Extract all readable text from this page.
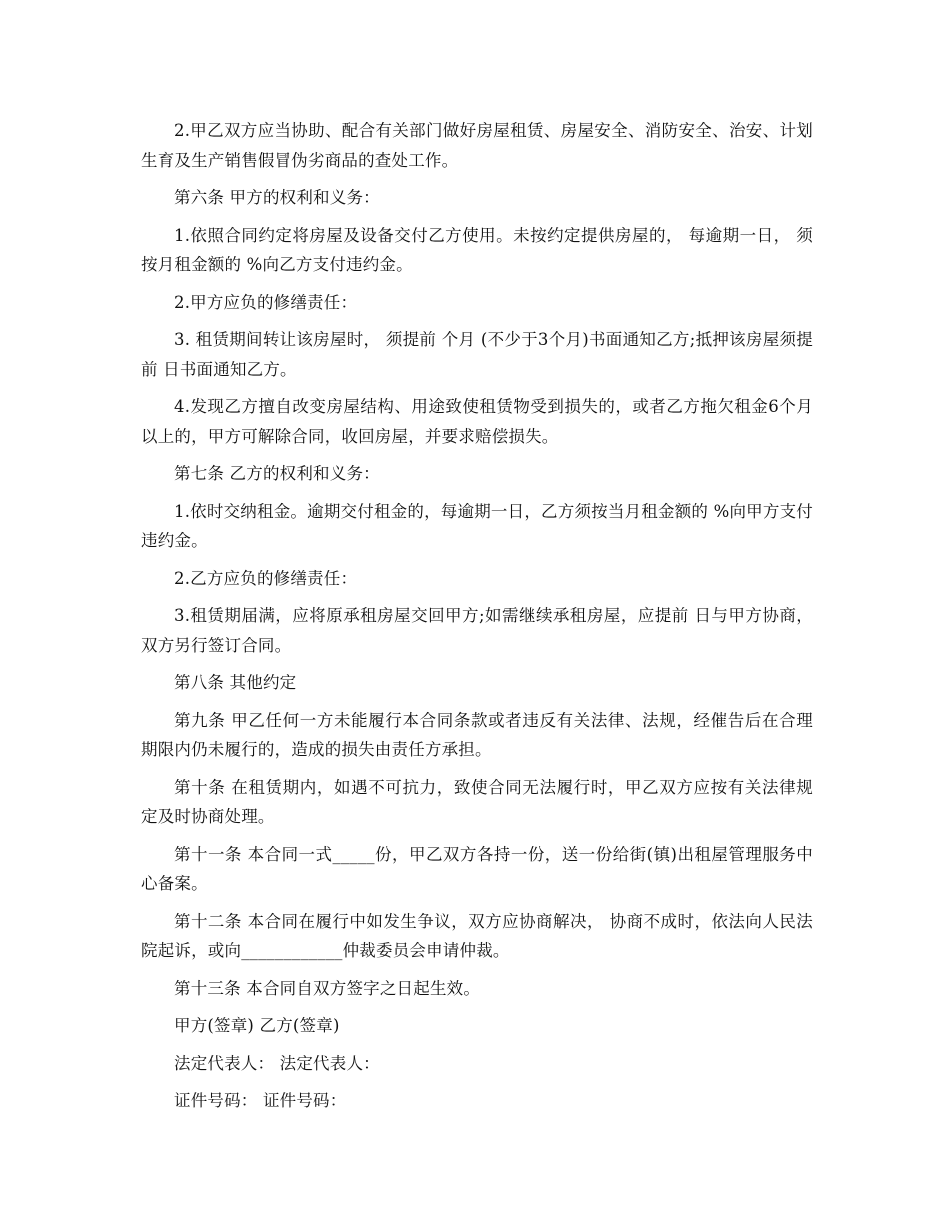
2.甲乙双方应当协助、配合有关部门做好房屋租赁、房屋安全、消防安全、治安、计划生育及生产销售假冒伪劣商品的查处工作。

第六条 甲方的权利和义务：

1.依照合同约定将房屋及设备交付乙方使用。未按约定提供房屋的， 每逾期一日， 须按月租金额的 %向乙方支付违约金。

2.甲方应负的修缮责任：

3. 租赁期间转让该房屋时， 须提前 个月 (不少于3个月)书面通知乙方;抵押该房屋须提前 日书面通知乙方。

4.发现乙方擅自改变房屋结构、用途致使租赁物受到损失的，或者乙方拖欠租金6个月以上的，甲方可解除合同，收回房屋，并要求赔偿损失。

第七条 乙方的权利和义务：

1.依时交纳租金。逾期交付租金的，每逾期一日，乙方须按当月租金额的 %向甲方支付违约金。

2.乙方应负的修缮责任：

3.租赁期届满，应将原承租房屋交回甲方;如需继续承租房屋，应提前 日与甲方协商，双方另行签订合同。

第八条 其他约定

第九条 甲乙任何一方未能履行本合同条款或者违反有关法律、法规，经催告后在合理期限内仍未履行的，造成的损失由责任方承担。

第十条 在租赁期内，如遇不可抗力，致使合同无法履行时，甲乙双方应按有关法律规定及时协商处理。

第十一条 本合同一式_____份，甲乙双方各持一份，送一份给街(镇)出租屋管理服务中心备案。

第十二条 本合同在履行中如发生争议，双方应协商解决， 协商不成时，依法向人民法院起诉，或向____________仲裁委员会申请仲裁。

第十三条 本合同自双方签字之日起生效。

甲方(签章) 乙方(签章)

法定代表人： 法定代表人：

证件号码： 证件号码：
